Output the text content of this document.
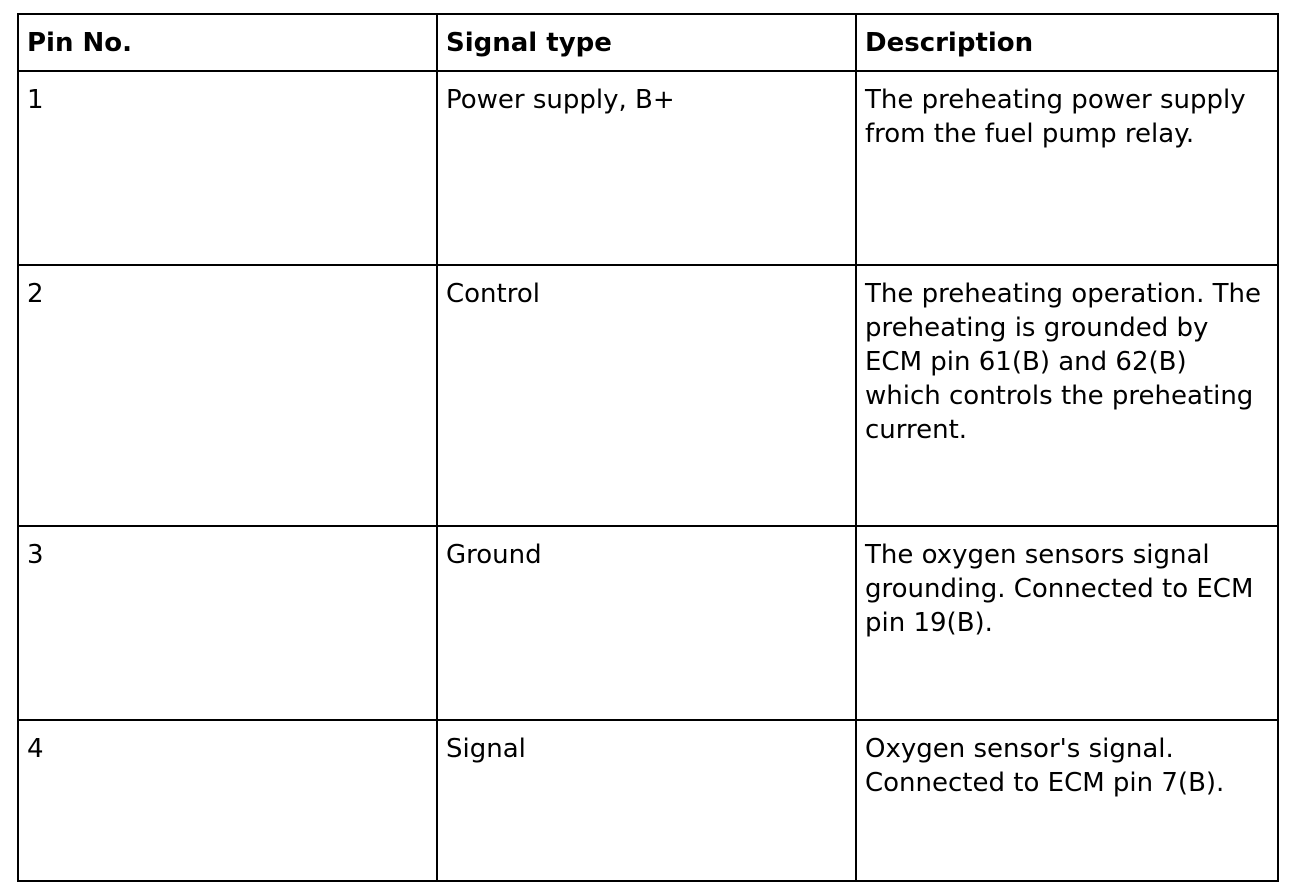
Pin No.	Signal type	Description
1	Power supply, B+	The preheating power supply from the fuel pump relay.
2	Control	The preheating operation. The preheating is grounded by ECM pin 61(B) and 62(B) which controls the preheating current.
3	Ground	The oxygen sensors signal grounding. Connected to ECM pin 19(B).
4	Signal	Oxygen sensor's signal. Connected to ECM pin 7(B).
